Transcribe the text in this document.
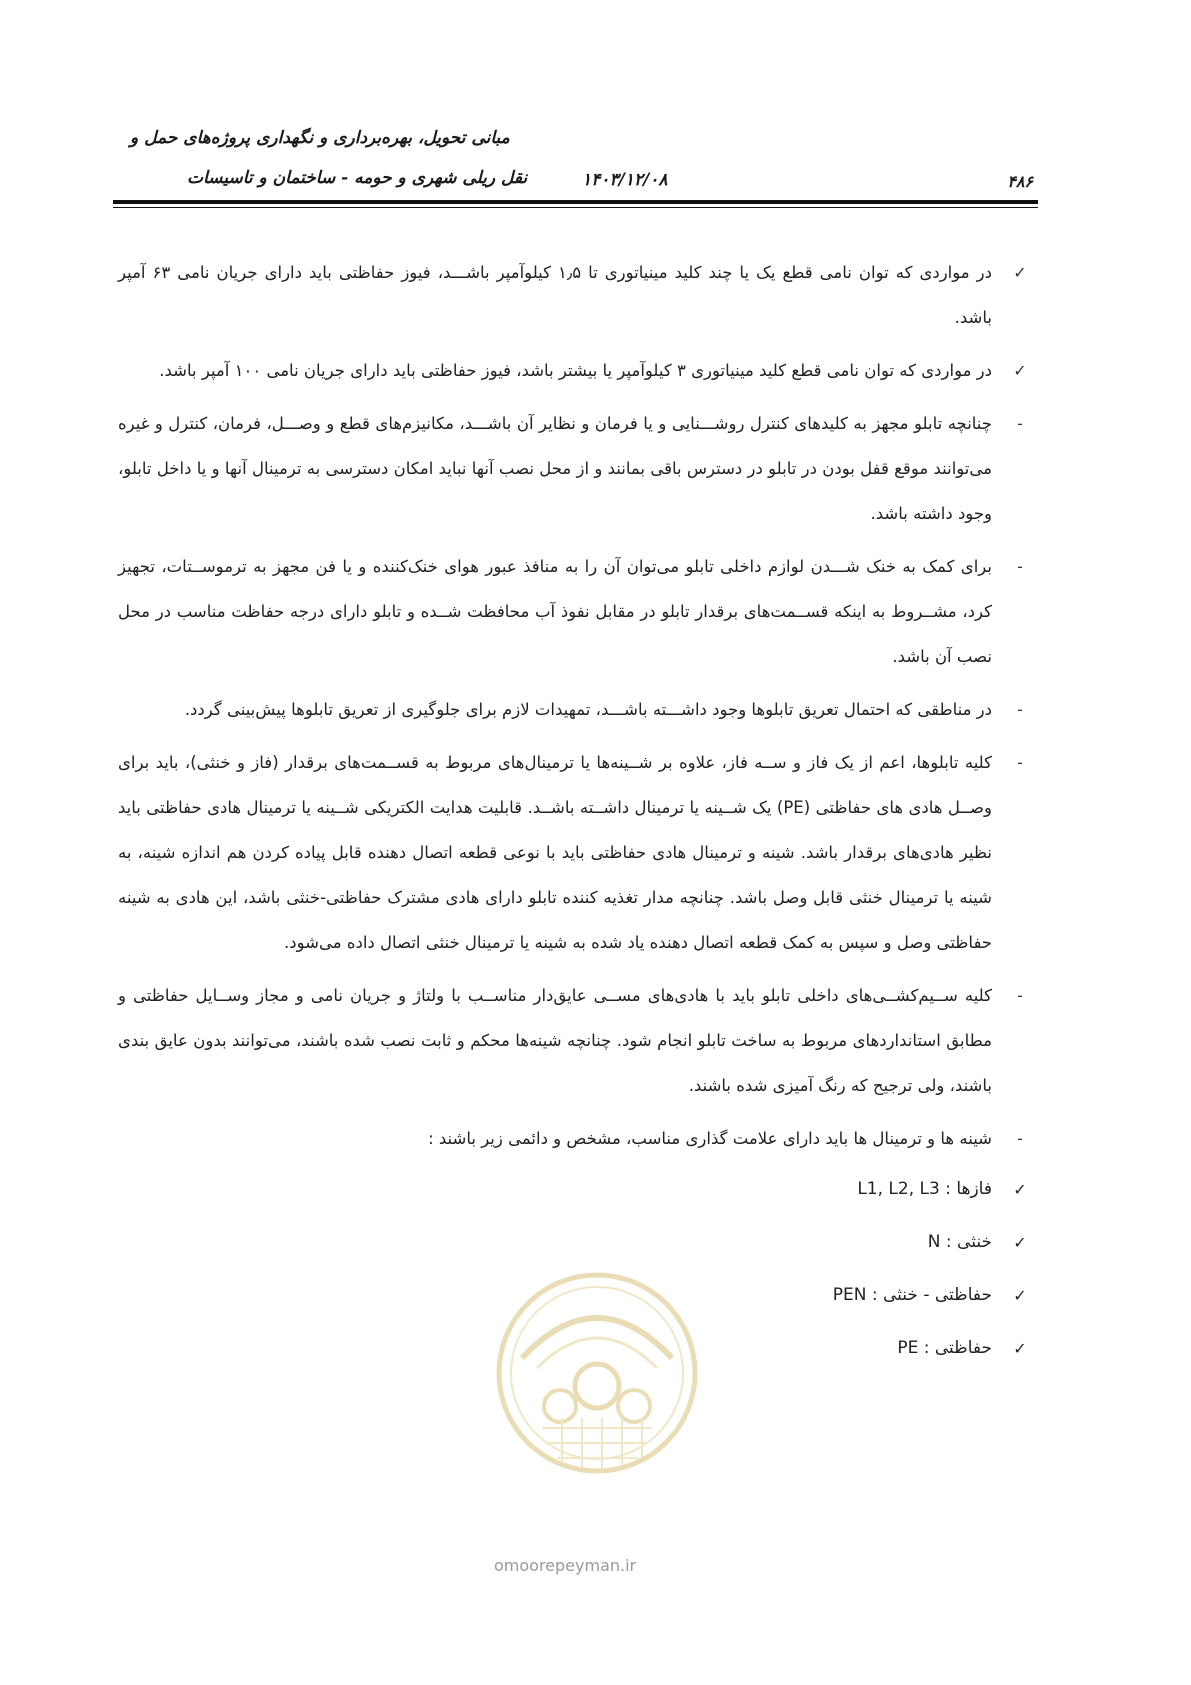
مبانی تحویل، بهره‌برداری و نگهداری پروژه‌های حمل و
نقل ریلی شهری و حومه - ساختمان و تاسیسات	۱۴۰۳/۱۲/۰۸	۴۸۶
✓
در مواردی که توان نامی قطع یک یا چند کلید مینیاتوری تا ۱٫۵ کیلوآمپر باشـــد، فیوز حفاظتی باید دارای جریان نامی ۶۳ آمپر باشد.
✓
در مواردی که توان نامی قطع کلید مینیاتوری ۳ کیلوآمپر یا بیشتر باشد، فیوز حفاظتی باید دارای جریان نامی ۱۰۰ آمپر باشد.
-
چنانچه تابلو مجهز به کلیدهای کنترل روشـــنایی و یا فرمان و نظایر آن باشـــد، مکانیزم‌های قطع و وصـــل، فرمان، کنترل و غیره می‌توانند موقع قفل بودن در تابلو در دسترس باقی بمانند و از محل نصب آنها نباید امکان دسترسی به ترمینال آنها و یا داخل تابلو، وجود داشته باشد.
-
برای کمک به خنک شـــدن لوازم داخلی تابلو می‌توان آن را به منافذ عبور هوای خنک‌کننده و یا فن مجهز به ترموســتات، تجهیز کرد، مشــروط به اینکه قســمت‌های برقدار تابلو در مقابل نفوذ آب محافظت شــده و تابلو دارای درجه حفاظت مناسب در محل نصب آن باشد.
-
در مناطقی که احتمال تعریق تابلوها وجود داشـــته باشـــد، تمهیدات لازم برای جلوگیری از تعریق تابلوها پیش‌بینی گردد.
-
کلیه تابلوها، اعم از یک فاز و ســه فاز، علاوه بر شــینه‌ها یا ترمینال‌های مربوط به قســمت‌های برقدار (فاز و خنثی)، باید برای وصــل هادی های حفاظتی (PE) یک شــینه یا ترمینال داشــته باشــد. قابلیت هدایت الکتریکی شــینه یا ترمینال هادی حفاظتی باید نظیر هادی‌های برقدار باشد. شینه و ترمینال هادی حفاظتی باید با نوعی قطعه اتصال دهنده قابل پیاده کردن هم اندازه شینه، به شینه یا ترمینال خنثی قابل وصل باشد. چنانچه مدار تغذیه کننده تابلو دارای هادی مشترک حفاظتی-خنثی باشد، این هادی به شینه حفاظتی وصل و سپس به کمک قطعه اتصال دهنده یاد شده به شینه یا ترمینال خنثی اتصال داده می‌شود.
-
کلیه ســیم‌کشــی‌های داخلی تابلو باید با هادی‌های مســی عایق‌دار مناســب با ولتاژ و جریان نامی و مجاز وســایل حفاظتی و مطابق استانداردهای مربوط به ساخت تابلو انجام شود. چنانچه شینه‌ها محکم و ثابت نصب شده باشند، می‌توانند بدون عایق بندی باشند، ولی ترجیح که رنگ آمیزی شده باشند.
-
شینه ها و ترمینال ها باید دارای علامت گذاری مناسب، مشخص و دائمی زیر باشند :
✓
فازها : L1, L2, L3
✓
خنثی : N
✓
حفاظتی - خنثی : PEN
✓
حفاظتی : PE
omoorepeyman.ir
